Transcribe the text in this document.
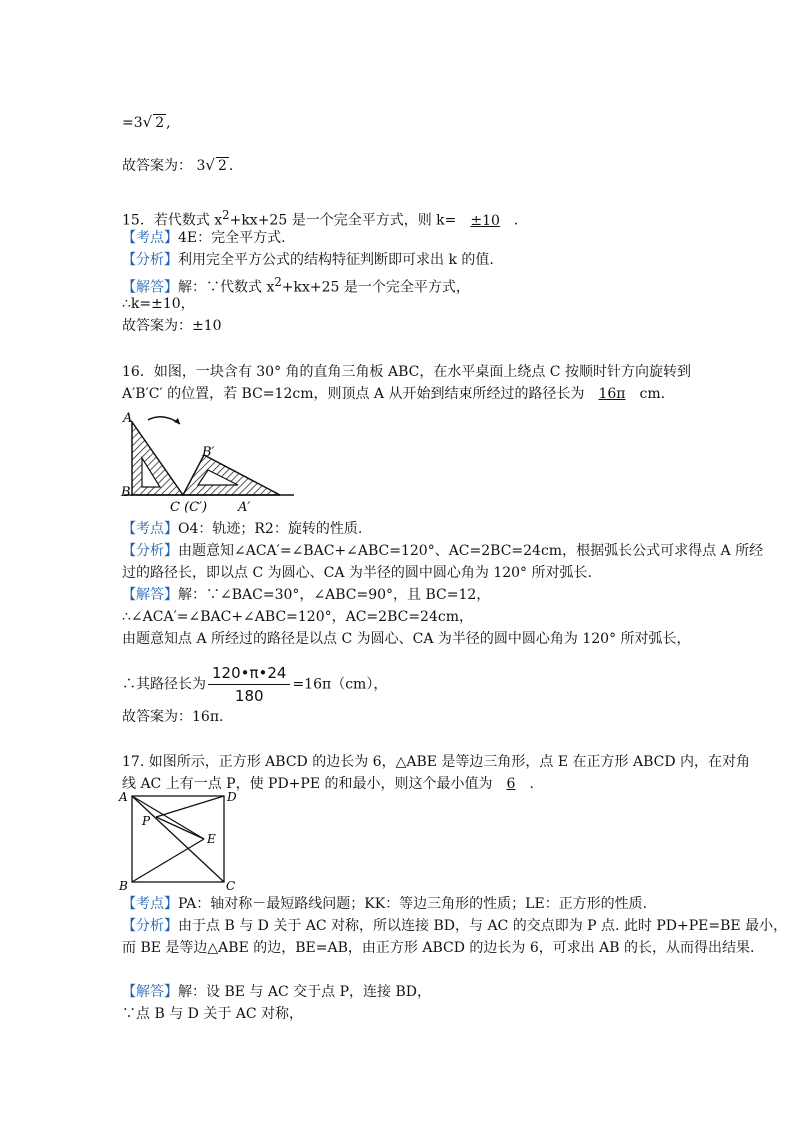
=3√ 2 ,
故答案为： 3√ 2 .
15．若代数式 $x^2+kx+25$ 是一个完全平方式，则 k= ±10 .
【考点】4E：完全平方式.
【分析】利用完全平方公式的结构特征判断即可求出 k 的值.
【解答】解：∵代数式 $x^2+kx+25$ 是一个完全平方式，
∴k=±10，
故答案为：±10
16．如图，一块含有 30° 角的直角三角板 ABC，在水平桌面上绕点 C 按顺时针方向旋转到
A′B′C′ 的位置，若 BC=12cm，则顶点 A 从开始到结束所经过的路径长为 16π cm.
A
B
B′
C (C′) A′
【考点】O4：轨迹；R2：旋转的性质.
【分析】由题意知∠ACA′=∠BAC+∠ABC=120°、AC=2BC=24cm，根据弧长公式可求得点 A 所经
过的路径长，即以点 C 为圆心、CA 为半径的圆中圆心角为 120° 所对弧长.
【解答】解：∵∠BAC=30°，∠ABC=90°，且 BC=12，
∴∠ACA′=∠BAC+∠ABC=120°，AC=2BC=24cm，
由题意知点 A 所经过的路径是以点 C 为圆心、CA 为半径的圆中圆心角为 120° 所对弧长，
∴其路径长为 $\frac{120•\pi•24}{180} =16\pi(cm)$，
故答案为：16π.
17. 如图所示，正方形 ABCD 的边长为 6，△ABE 是等边三角形，点 E 在正方形 ABCD 内，在对角
线 AC 上有一点 P，使 PD+PE 的和最小，则这个最小值为 6 .
A	D
P
E
B	C
【考点】PA：轴对称－最短路线问题；KK：等边三角形的性质；LE：正方形的性质.
【分析】由于点 B 与 D 关于 AC 对称，所以连接 BD，与 AC 的交点即为 P 点. 此时 PD+PE=BE 最小，
而 BE 是等边△ABE 的边，BE=AB，由正方形 ABCD 的边长为 6，可求出 AB 的长，从而得出结果.
【解答】解：设 BE 与 AC 交于点 P，连接 BD，
∵点 B 与 D 关于 AC 对称，
